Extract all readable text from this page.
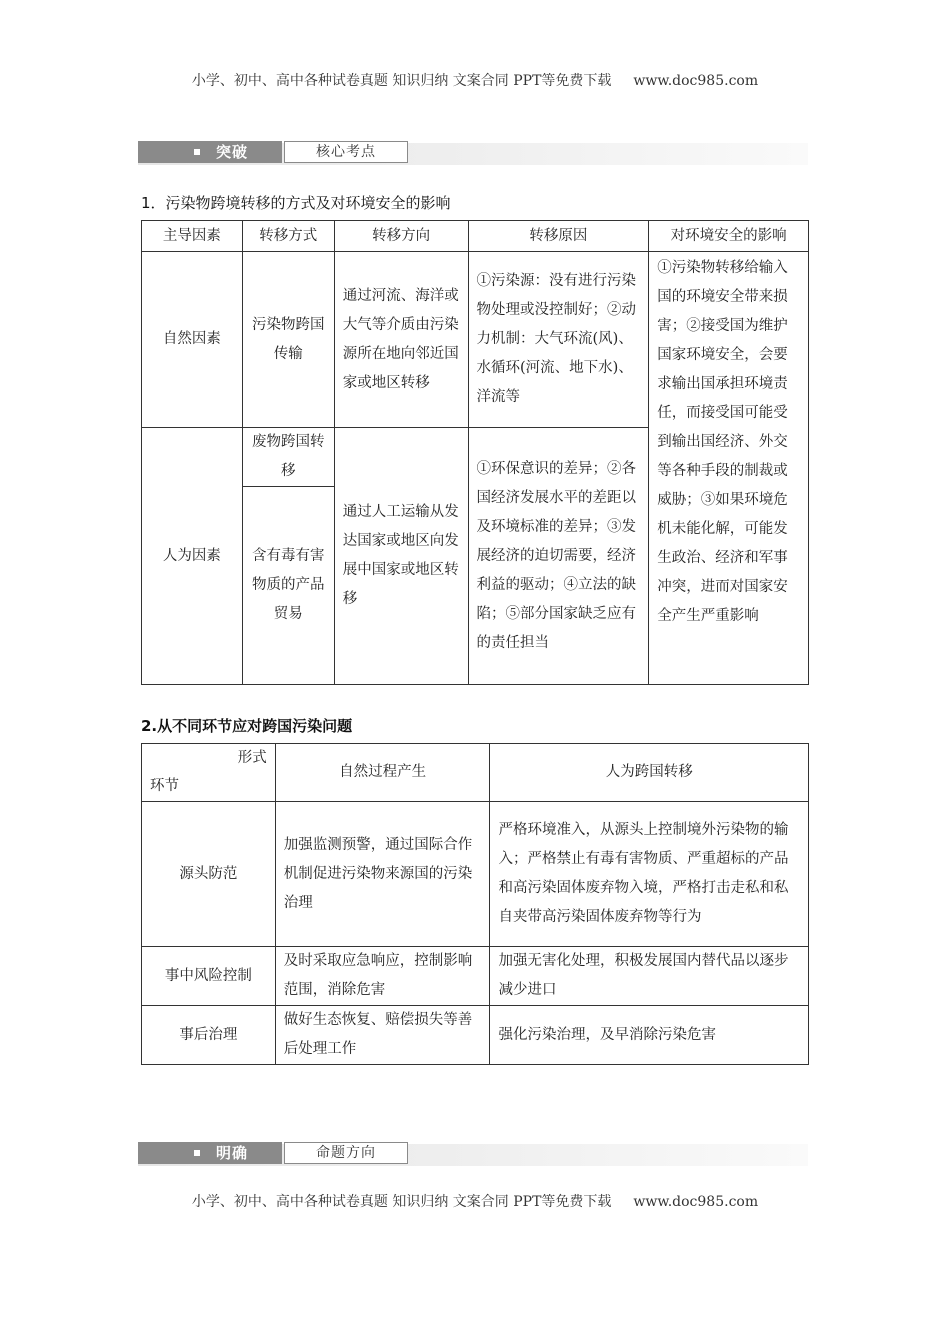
小学、初中、高中各种试卷真题 知识归纳 文案合同 PPT等免费下载 www.doc985.com
突破	核心考点
1．污染物跨境转移的方式及对环境安全的影响
主导因素	转移方式	转移方向	转移原因	对环境安全的影响
自然因素	污染物跨国传输	通过河流、海洋或大气等介质由污染源所在地向邻近国家或地区转移	①污染源：没有进行污染物处理或没控制好；②动力机制：大气环流(风)、水循环(河流、地下水)、洋流等	①污染物转移给输入国的环境安全带来损害；②接受国为维护国家环境安全，会要求输出国承担环境责任，而接受国可能受到输出国经济、外交等各种手段的制裁或威胁；③如果环境危机未能化解，可能发生政治、经济和军事冲突，进而对国家安全产生严重影响
人为因素	废物跨国转移	通过人工运输从发达国家或地区向发展中国家或地区转移	①环保意识的差异；②各国经济发展水平的差距以及环境标准的差异；③发展经济的迫切需要，经济利益的驱动；④立法的缺陷；⑤部分国家缺乏应有的责任担当	
	含有毒有害物质的产品贸易			
2.从不同环节应对跨国污染问题
形式
环节	自然过程产生	人为跨国转移
源头防范	加强监测预警，通过国际合作机制促进污染物来源国的污染治理	严格环境准入，从源头上控制境外污染物的输入；严格禁止有毒有害物质、严重超标的产品和高污染固体废弃物入境，严格打击走私和私自夹带高污染固体废弃物等行为
事中风险控制	及时采取应急响应，控制影响范围，消除危害	加强无害化处理，积极发展国内替代品以逐步减少进口
事后治理	做好生态恢复、赔偿损失等善后处理工作	强化污染治理，及早消除污染危害
明确	命题方向
小学、初中、高中各种试卷真题 知识归纳 文案合同 PPT等免费下载 www.doc985.com
